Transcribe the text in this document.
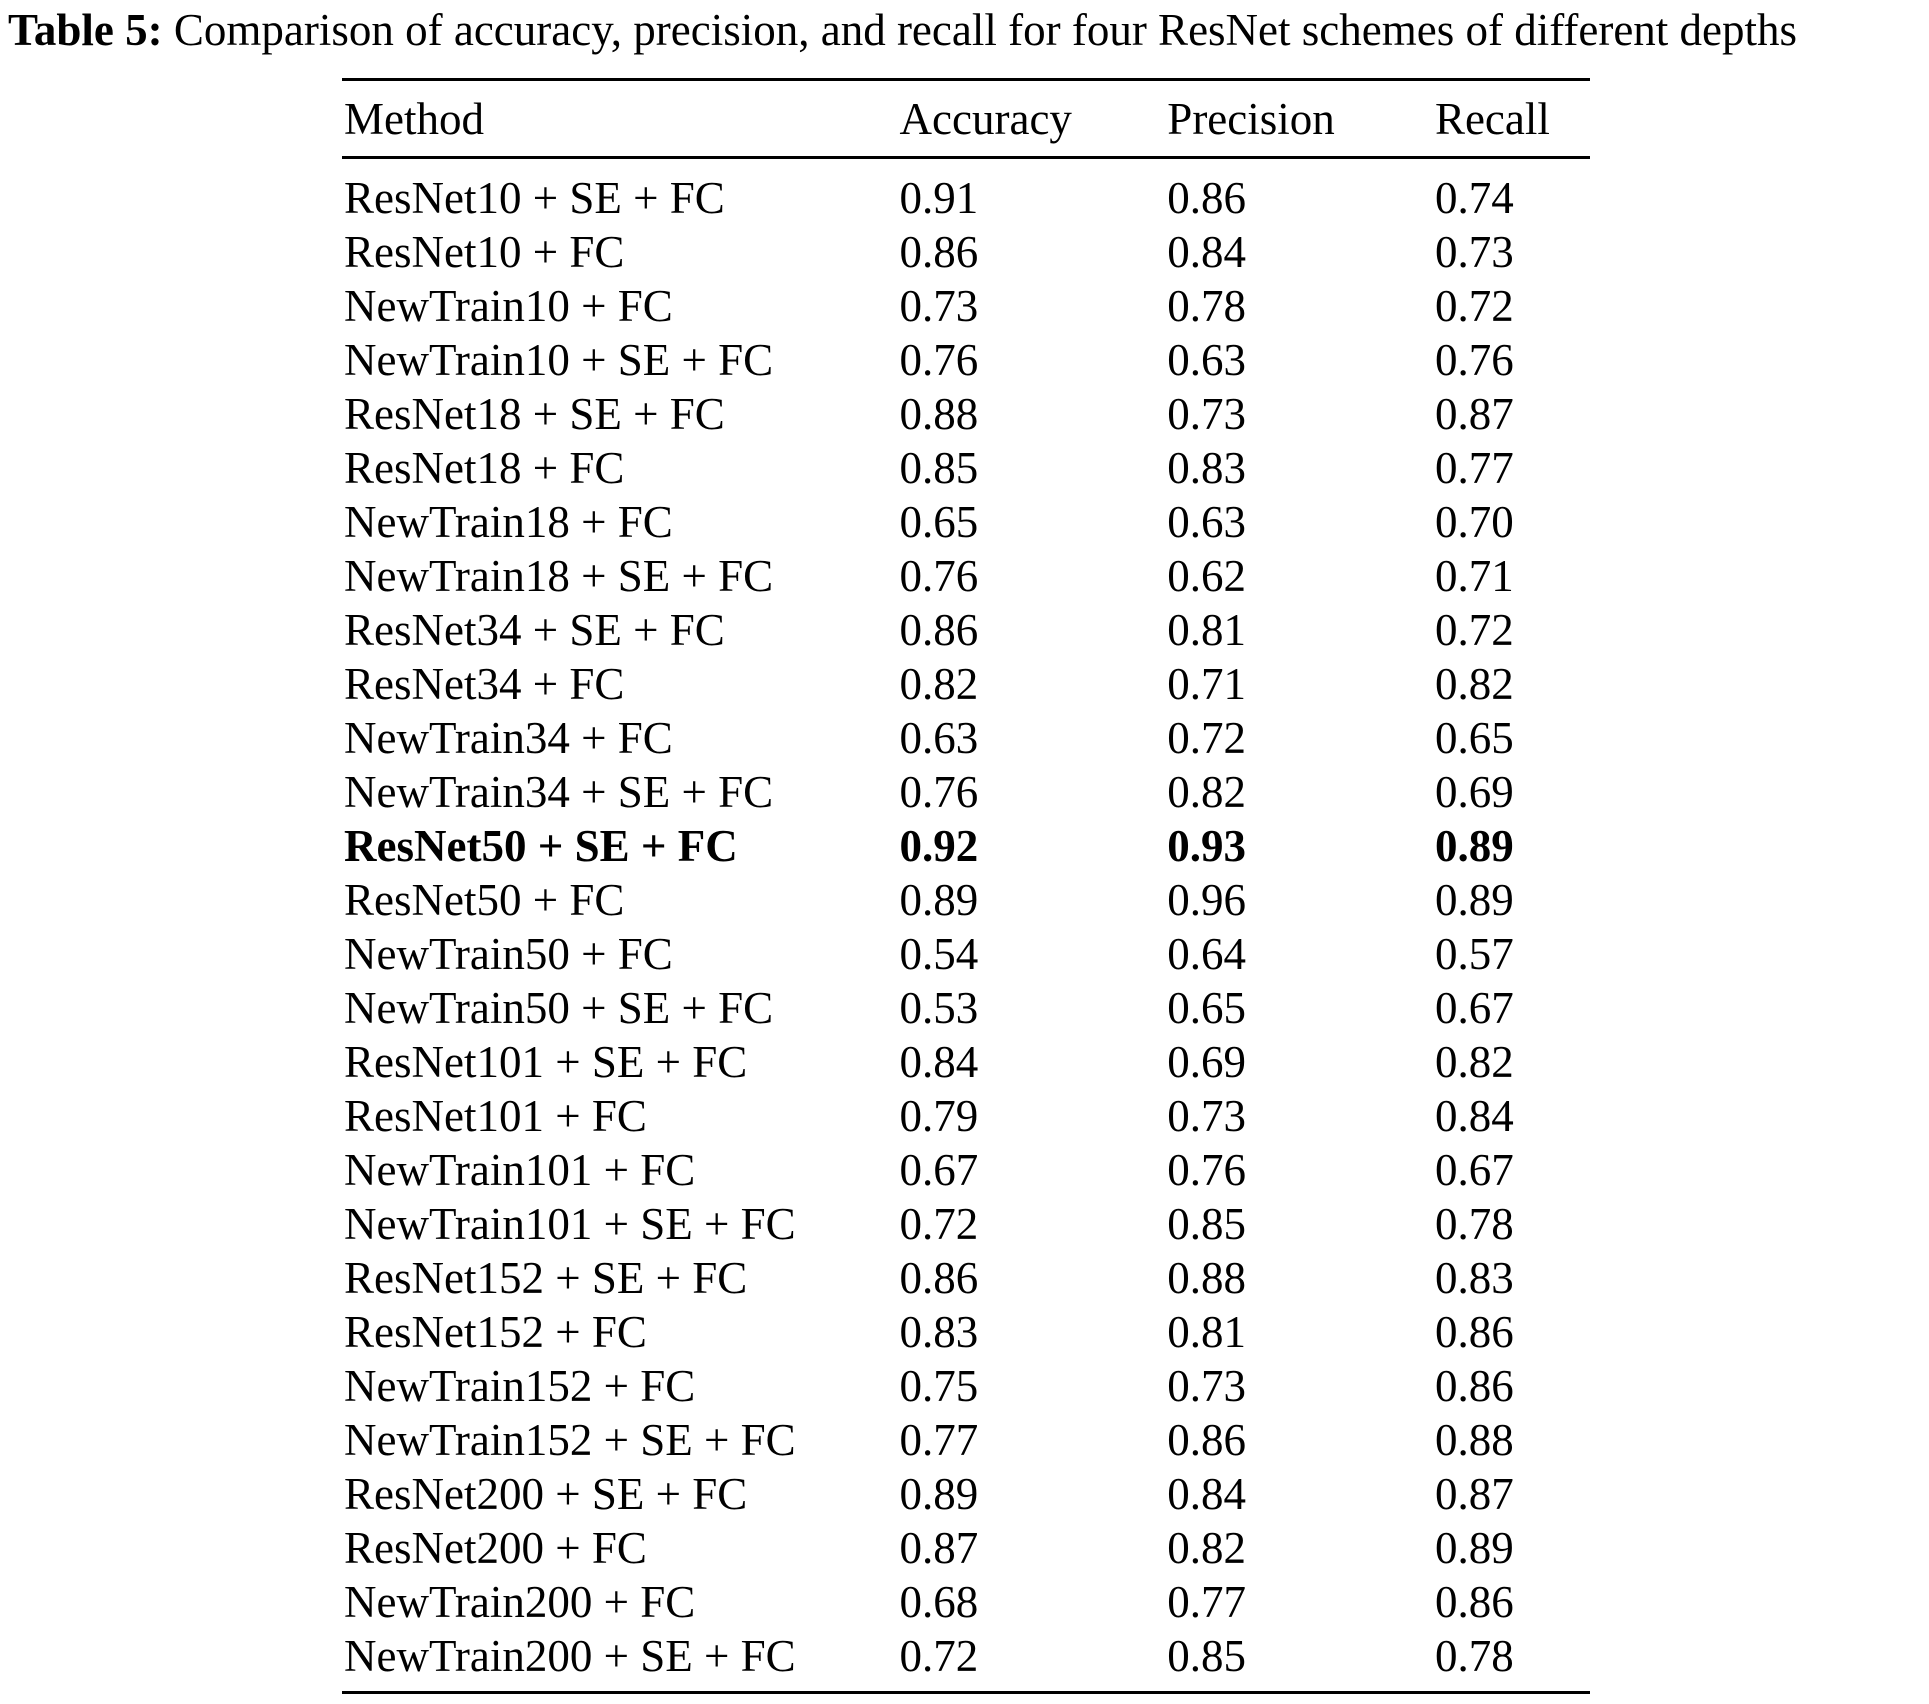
Table 5: Comparison of accuracy, precision, and recall for four ResNet schemes of different depths
Method	Accuracy	Precision	Recall
ResNet10 + SE + FC	0.91	0.86	0.74
ResNet10 + FC	0.86	0.84	0.73
NewTrain10 + FC	0.73	0.78	0.72
NewTrain10 + SE + FC	0.76	0.63	0.76
ResNet18 + SE + FC	0.88	0.73	0.87
ResNet18 + FC	0.85	0.83	0.77
NewTrain18 + FC	0.65	0.63	0.70
NewTrain18 + SE + FC	0.76	0.62	0.71
ResNet34 + SE + FC	0.86	0.81	0.72
ResNet34 + FC	0.82	0.71	0.82
NewTrain34 + FC	0.63	0.72	0.65
NewTrain34 + SE + FC	0.76	0.82	0.69
ResNet50 + SE + FC	0.92	0.93	0.89
ResNet50 + FC	0.89	0.96	0.89
NewTrain50 + FC	0.54	0.64	0.57
NewTrain50 + SE + FC	0.53	0.65	0.67
ResNet101 + SE + FC	0.84	0.69	0.82
ResNet101 + FC	0.79	0.73	0.84
NewTrain101 + FC	0.67	0.76	0.67
NewTrain101 + SE + FC	0.72	0.85	0.78
ResNet152 + SE + FC	0.86	0.88	0.83
ResNet152 + FC	0.83	0.81	0.86
NewTrain152 + FC	0.75	0.73	0.86
NewTrain152 + SE + FC	0.77	0.86	0.88
ResNet200 + SE + FC	0.89	0.84	0.87
ResNet200 + FC	0.87	0.82	0.89
NewTrain200 + FC	0.68	0.77	0.86
NewTrain200 + SE + FC	0.72	0.85	0.78
